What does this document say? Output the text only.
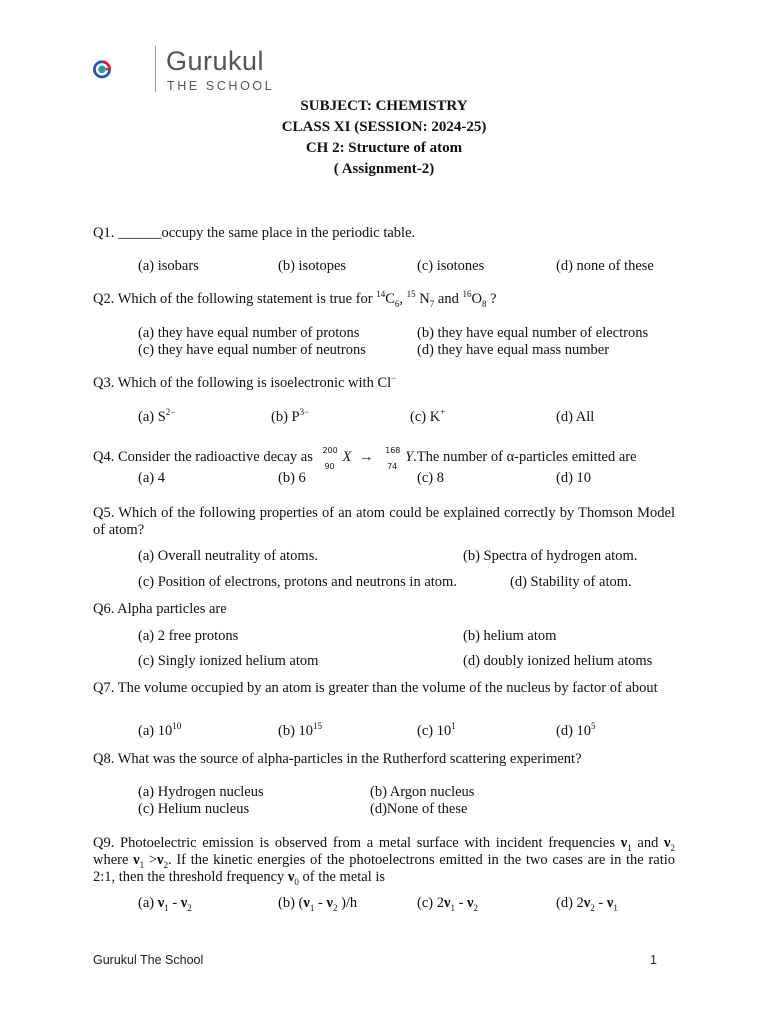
Gurukul
THE SCHOOL
SUBJECT: CHEMISTRY
CLASS XI (SESSION: 2024-25)
CH 2: Structure of atom
( Assignment-2)
Q1. ______occupy the same place in the periodic table.
(a) isobars	(b) isotopes	(c) isotones	(d) none of these
Q2. Which of the following statement is true for $^{14}C_6$, $^{15}$ $N_7$ and $^{16}O_8$ ?
(a) they have equal number of protons	(b) they have equal number of electrons
(c) they have equal number of neutrons	(d) they have equal mass number
Q3. Which of the following is isoelectronic with Cl−
(a) $S^{2-}$	(b) $P^{3-}$	(c) K+	(d) All
Q4. Consider the radioactive decay as 200
90
X → 168
74
Y.The number of α-particles emitted are
(a) 4	(b) 6	(c) 8	(d) 10
Q5. Which of the following properties of an atom could be explained correctly by Thomson Model of atom?
(a) Overall neutrality of atoms.	(b) Spectra of hydrogen atom.
(c) Position of electrons, protons and neutrons in atom.	(d) Stability of atom.
Q6. Alpha particles are
(a) 2 free protons	(b) helium atom
(c) Singly ionized helium atom	(d) doubly ionized helium atoms
Q7. The volume occupied by an atom is greater than the volume of the nucleus by factor of about
(a) $10^{10}$	(b) $10^{15}$	(c) $10^1$	(d) $10^5$
Q8. What was the source of alpha-particles in the Rutherford scattering experiment?
(a) Hydrogen nucleus	(b) Argon nucleus
(c) Helium nucleus	(d)None of these
Q9. Photoelectric emission is observed from a metal surface with incident frequencies $\nu_1$ and $\nu_2$ where $\nu_1 >\nu_2$. If the kinetic energies of the photoelectrons emitted in the two cases are in the ratio 2:1, then the threshold frequency $\nu_0$ of the metal is
(a) $\nu_1 - \nu_2$	(b) ($\nu_1 - \nu_2$ )/h	(c) $2\nu_1 - \nu_2$	(d) $2\nu_2 - \nu_1$
Gurukul The School	1
